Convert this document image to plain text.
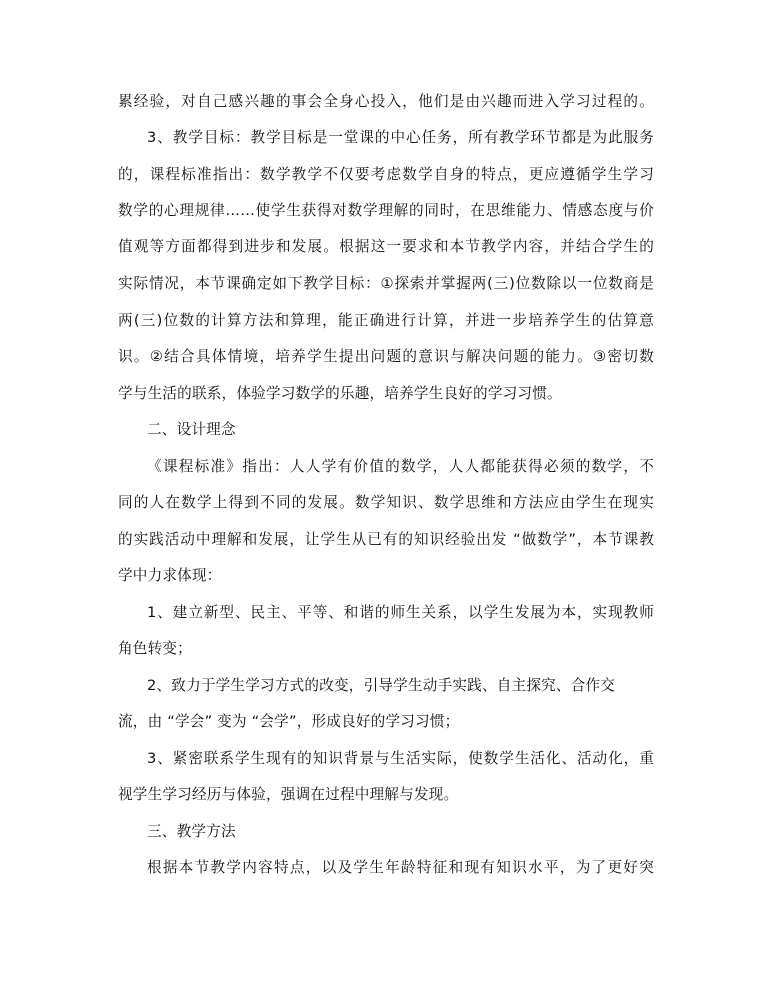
累经验，对自己感兴趣的事会全身心投入，他们是由兴趣而进入学习过程的。
3、教学目标：教学目标是一堂课的中心任务，所有教学环节都是为此服务
的，课程标准指出：数学教学不仅要考虑数学自身的特点，更应遵循学生学习
数学的心理规律……使学生获得对数学理解的同时，在思维能力、情感态度与价
值观等方面都得到进步和发展。根据这一要求和本节教学内容，并结合学生的
实际情况，本节课确定如下教学目标：①探索并掌握两(三)位数除以一位数商是
两(三)位数的计算方法和算理，能正确进行计算，并进一步培养学生的估算意
识。②结合具体情境，培养学生提出问题的意识与解决问题的能力。③密切数
学与生活的联系，体验学习数学的乐趣，培养学生良好的学习习惯。
二、设计理念
《课程标准》指出：人人学有价值的数学，人人都能获得必须的数学，不
同的人在数学上得到不同的发展。数学知识、数学思维和方法应由学生在现实
的实践活动中理解和发展，让学生从已有的知识经验出发 “做数学”，本节课教
学中力求体现：
1、建立新型、民主、平等、和谐的师生关系，以学生发展为本，实现教师
角色转变；
2、致力于学生学习方式的改变，引导学生动手实践、自主探究、合作交
流，由 “学会” 变为 “会学”，形成良好的学习习惯；
3、紧密联系学生现有的知识背景与生活实际，使数学生活化、活动化，重
视学生学习经历与体验，强调在过程中理解与发现。
三、教学方法
根据本节教学内容特点，以及学生年龄特征和现有知识水平，为了更好突
